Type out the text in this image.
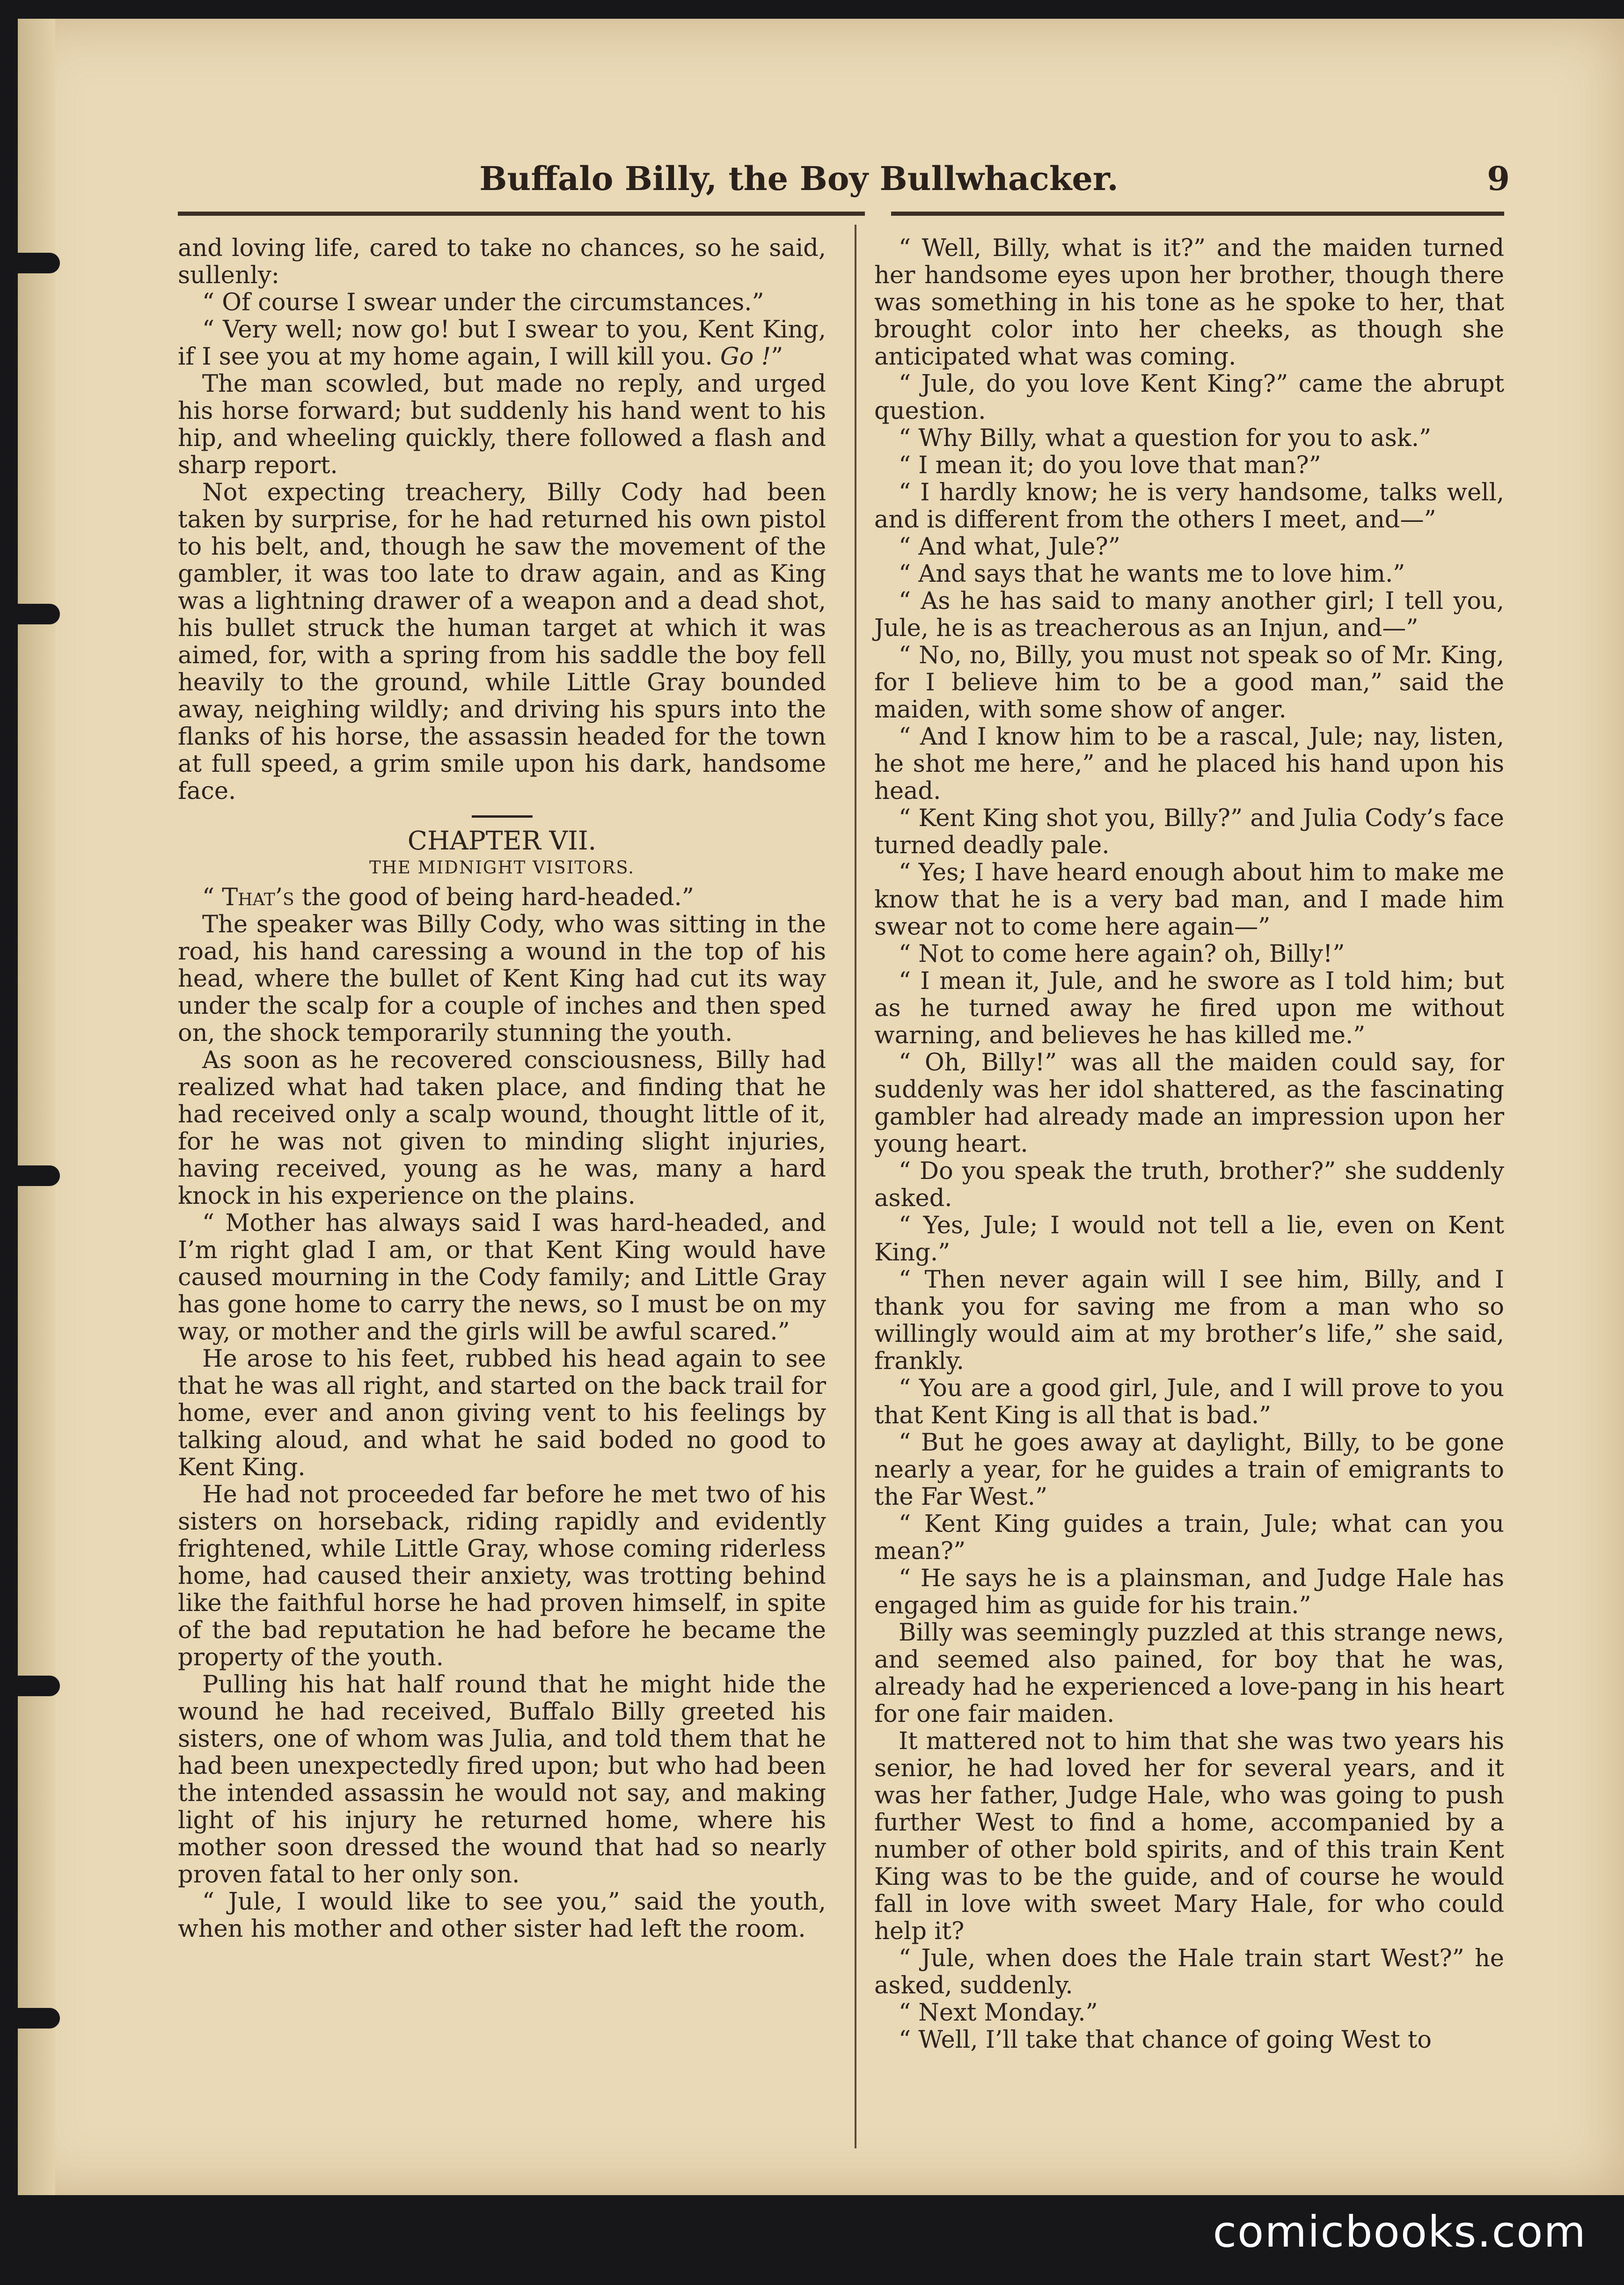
Buffalo Billy, the Boy Bullwhacker.	9

and loving life, cared to take no chances, so he said, sullenly:

“ Of course I swear under the circumstances.”

“ Very well; now go! but I swear to you, Kent King, if I see you at my home again, I will kill you. Go !”

The man scowled, but made no reply, and urged his horse forward; but suddenly his hand went to his hip, and wheeling quickly, there followed a flash and sharp report.

Not expecting treachery, Billy Cody had been taken by surprise, for he had returned his own pistol to his belt, and, though he saw the movement of the gambler, it was too late to draw again, and as King was a lightning drawer of a weapon and a dead shot, his bullet struck the human target at which it was aimed, for, with a spring from his saddle the boy fell heavily to the ground, while Little Gray bounded away, neighing wildly; and driving his spurs into the flanks of his horse, the assassin headed for the town at full speed, a grim smile upon his dark, handsome face.

CHAPTER VII.
THE MIDNIGHT VISITORS.

“ That’s the good of being hard-headed.”

The speaker was Billy Cody, who was sitting in the road, his hand caressing a wound in the top of his head, where the bullet of Kent King had cut its way under the scalp for a couple of inches and then sped on, the shock temporarily stunning the youth.

As soon as he recovered consciousness, Billy had realized what had taken place, and finding that he had received only a scalp wound, thought little of it, for he was not given to minding slight injuries, having received, young as he was, many a hard knock in his experience on the plains.

“ Mother has always said I was hard-headed, and I’m right glad I am, or that Kent King would have caused mourning in the Cody family; and Little Gray has gone home to carry the news, so I must be on my way, or mother and the girls will be awful scared.”

He arose to his feet, rubbed his head again to see that he was all right, and started on the back trail for home, ever and anon giving vent to his feelings by talking aloud, and what he said boded no good to Kent King.

He had not proceeded far before he met two of his sisters on horseback, riding rapidly and evidently frightened, while Little Gray, whose coming riderless home, had caused their anxiety, was trotting behind like the faithful horse he had proven himself, in spite of the bad reputation he had before he became the property of the youth.

Pulling his hat half round that he might hide the wound he had received, Buffalo Billy greeted his sisters, one of whom was Julia, and told them that he had been unexpectedly fired upon; but who had been the intended assassin he would not say, and making light of his injury he returned home, where his mother soon dressed the wound that had so nearly proven fatal to her only son.

“ Jule, I would like to see you,” said the youth, when his mother and other sister had left the room.

“ Well, Billy, what is it?” and the maiden turned her handsome eyes upon her brother, though there was something in his tone as he spoke to her, that brought color into her cheeks, as though she anticipated what was coming.

“ Jule, do you love Kent King?” came the abrupt question.

“ Why Billy, what a question for you to ask.”

“ I mean it; do you love that man?”

“ I hardly know; he is very handsome, talks well, and is different from the others I meet, and—”

“ And what, Jule?”

“ And says that he wants me to love him.”

“ As he has said to many another girl; I tell you, Jule, he is as treacherous as an Injun, and—”

“ No, no, Billy, you must not speak so of Mr. King, for I believe him to be a good man,” said the maiden, with some show of anger.

“ And I know him to be a rascal, Jule; nay, listen, he shot me here,” and he placed his hand upon his head.

“ Kent King shot you, Billy?” and Julia Cody’s face turned deadly pale.

“ Yes; I have heard enough about him to make me know that he is a very bad man, and I made him swear not to come here again—”

“ Not to come here again? oh, Billy!”

“ I mean it, Jule, and he swore as I told him; but as he turned away he fired upon me without warning, and believes he has killed me.”

“ Oh, Billy!” was all the maiden could say, for suddenly was her idol shattered, as the fascinating gambler had already made an impression upon her young heart.

“ Do you speak the truth, brother?” she suddenly asked.

“ Yes, Jule; I would not tell a lie, even on Kent King.”

“ Then never again will I see him, Billy, and I thank you for saving me from a man who so willingly would aim at my brother’s life,” she said, frankly.

“ You are a good girl, Jule, and I will prove to you that Kent King is all that is bad.”

“ But he goes away at daylight, Billy, to be gone nearly a year, for he guides a train of emigrants to the Far West.”

“ Kent King guides a train, Jule; what can you mean?”

“ He says he is a plainsman, and Judge Hale has engaged him as guide for his train.”

Billy was seemingly puzzled at this strange news, and seemed also pained, for boy that he was, already had he experienced a love-pang in his heart for one fair maiden.

It mattered not to him that she was two years his senior, he had loved her for several years, and it was her father, Judge Hale, who was going to push further West to find a home, accompanied by a number of other bold spirits, and of this train Kent King was to be the guide, and of course he would fall in love with sweet Mary Hale, for who could help it?

“ Jule, when does the Hale train start West?” he asked, suddenly.

“ Next Monday.”

“ Well, I’ll take that chance of going West to

comicbooks.com
